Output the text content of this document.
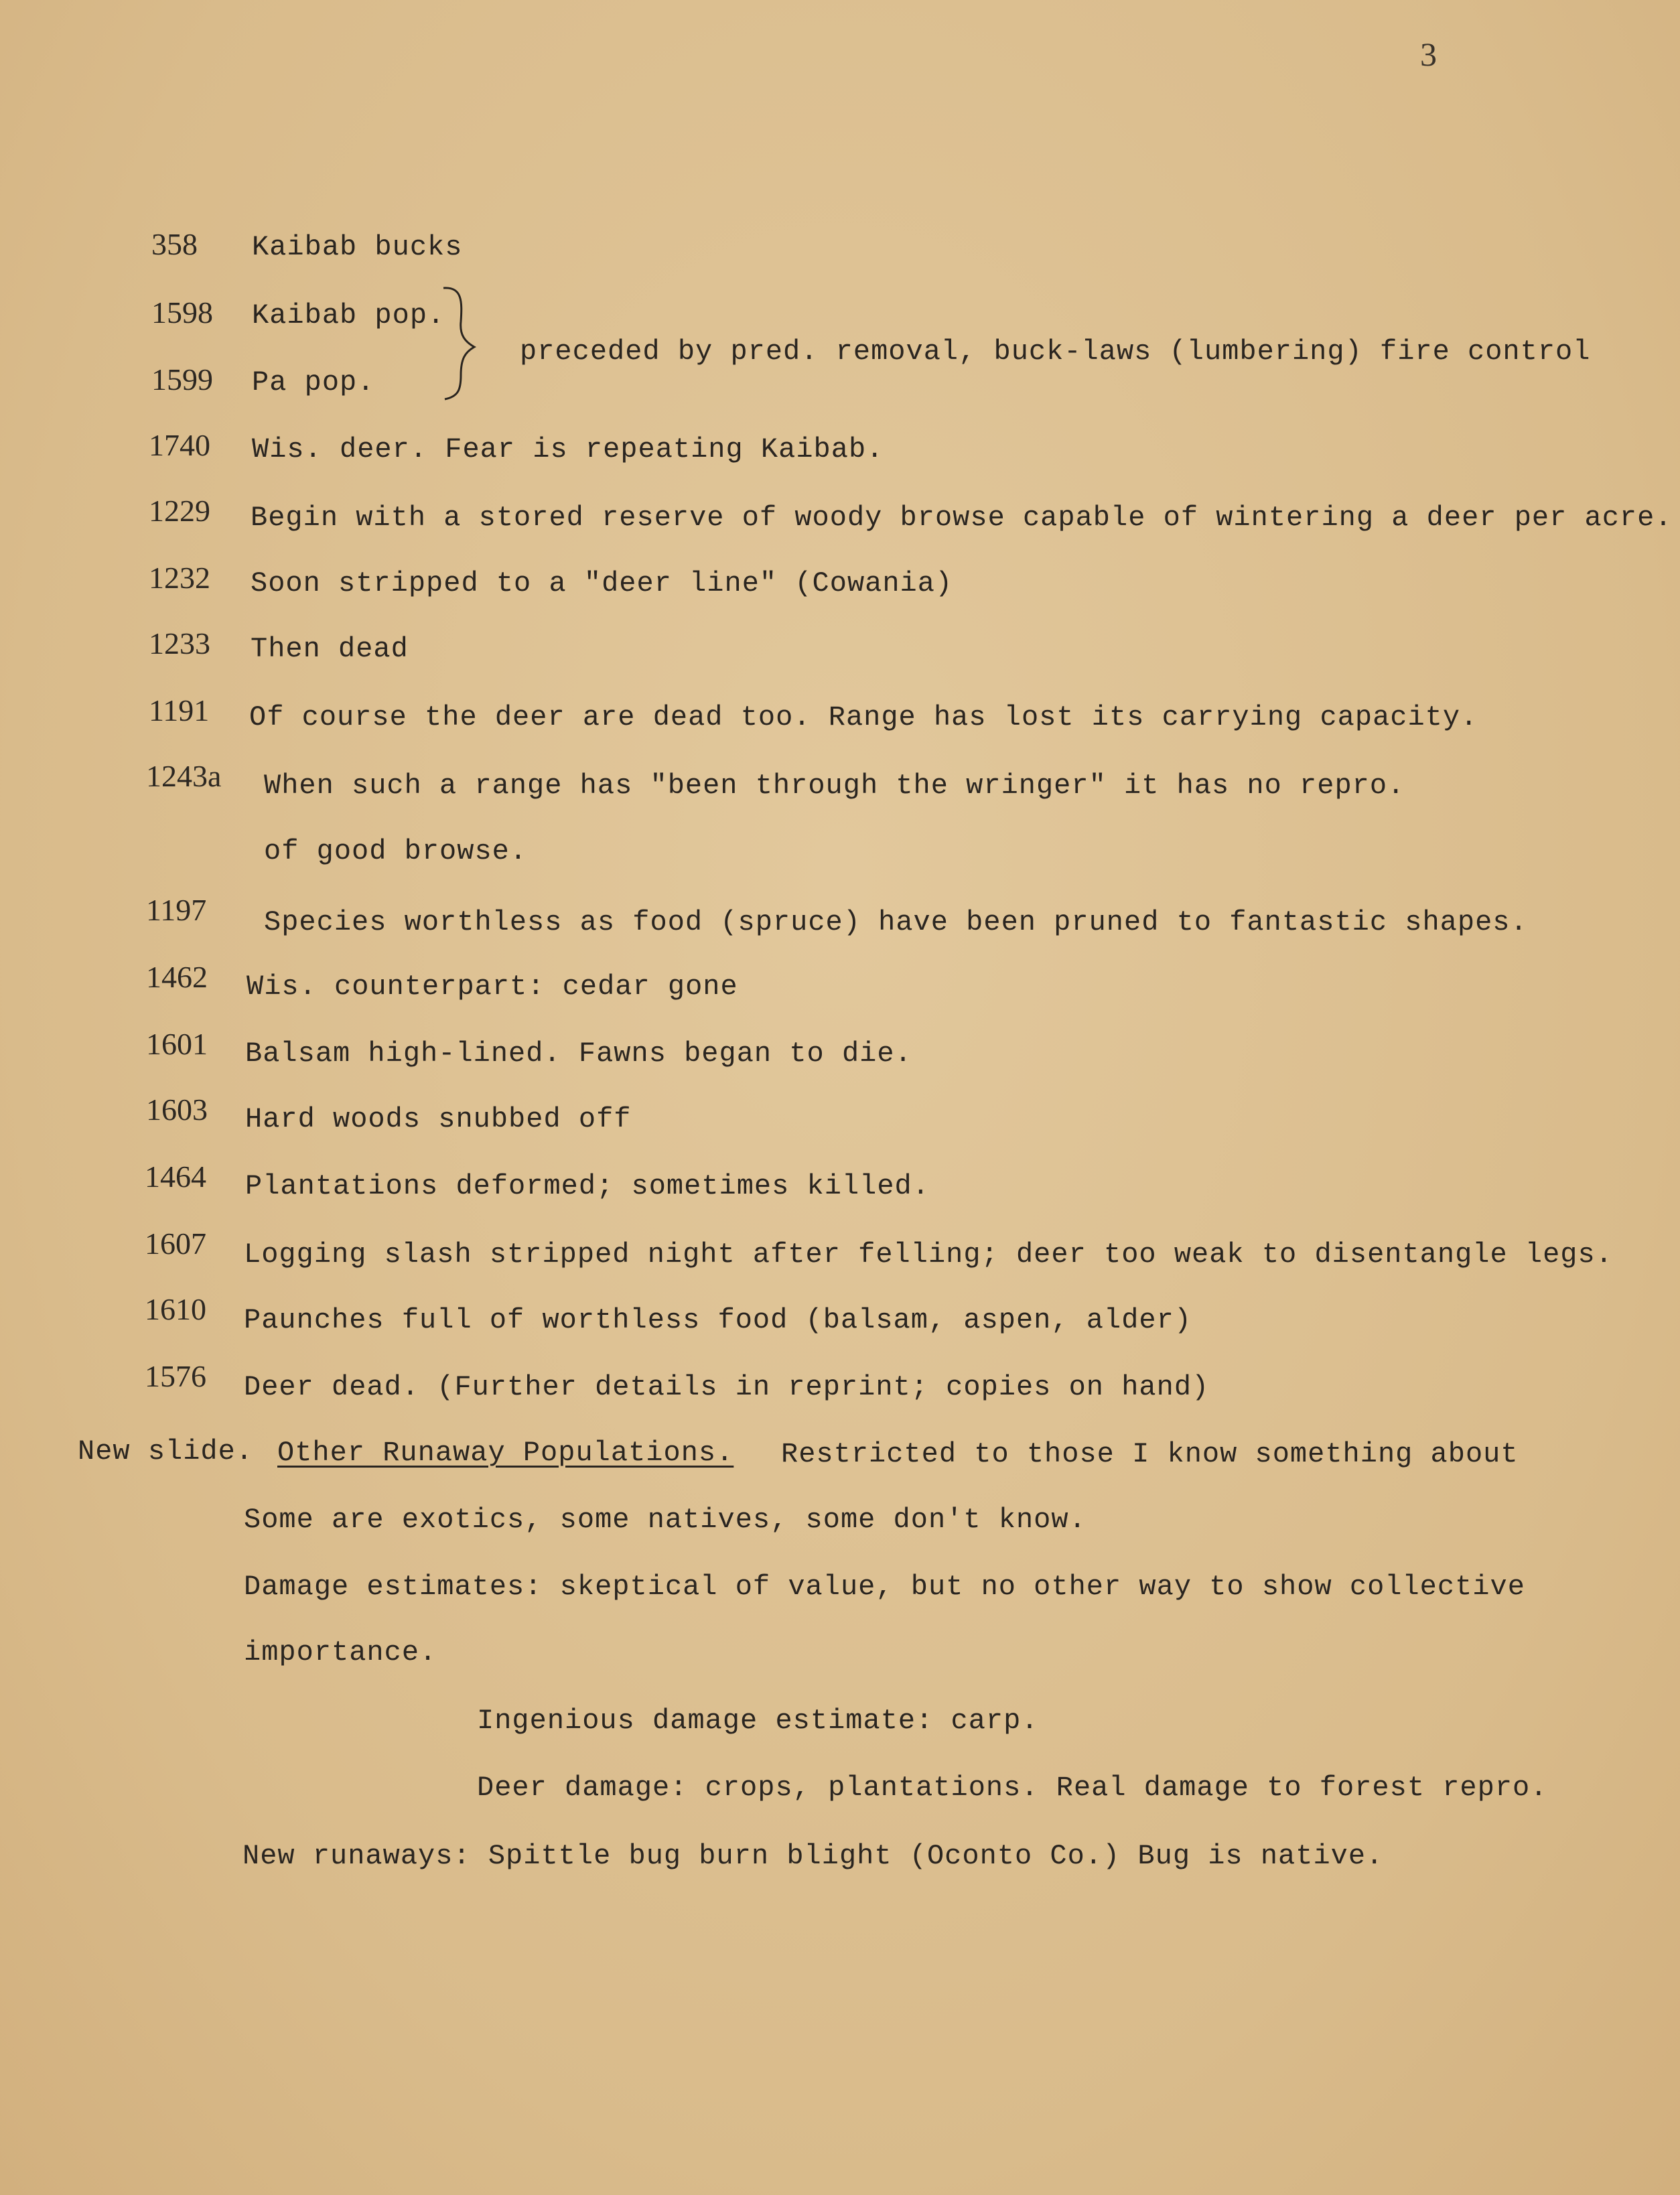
3
358 Kaibab bucks
1598 Kaibab pop.
1599 Pa pop.
preceded by pred. removal, buck-laws (lumbering) fire control
1740 Wis. deer. Fear is repeating Kaibab.
1229 Begin with a stored reserve of woody browse capable of wintering a deer per acre.
1232 Soon stripped to a "deer line" (Cowania)
1233 Then dead
1191 Of course the deer are dead too. Range has lost its carrying capacity.
1243a When such a range has "been through the wringer" it has no repro.
of good browse.
1197 Species worthless as food (spruce) have been pruned to fantastic shapes.
1462 Wis. counterpart: cedar gone
1601 Balsam high-lined. Fawns began to die.
1603 Hard woods snubbed off
1464 Plantations deformed; sometimes killed.
1607 Logging slash stripped night after felling; deer too weak to disentangle legs.
1610 Paunches full of worthless food (balsam, aspen, alder)
1576 Deer dead. (Further details in reprint; copies on hand)
New slide. Other Runaway Populations. Restricted to those I know something about
Some are exotics, some natives, some don't know.
Damage estimates: skeptical of value, but no other way to show collective
importance.
Ingenious damage estimate: carp.
Deer damage: crops, plantations. Real damage to forest repro.
New runaways: Spittle bug burn blight (Oconto Co.) Bug is native.
